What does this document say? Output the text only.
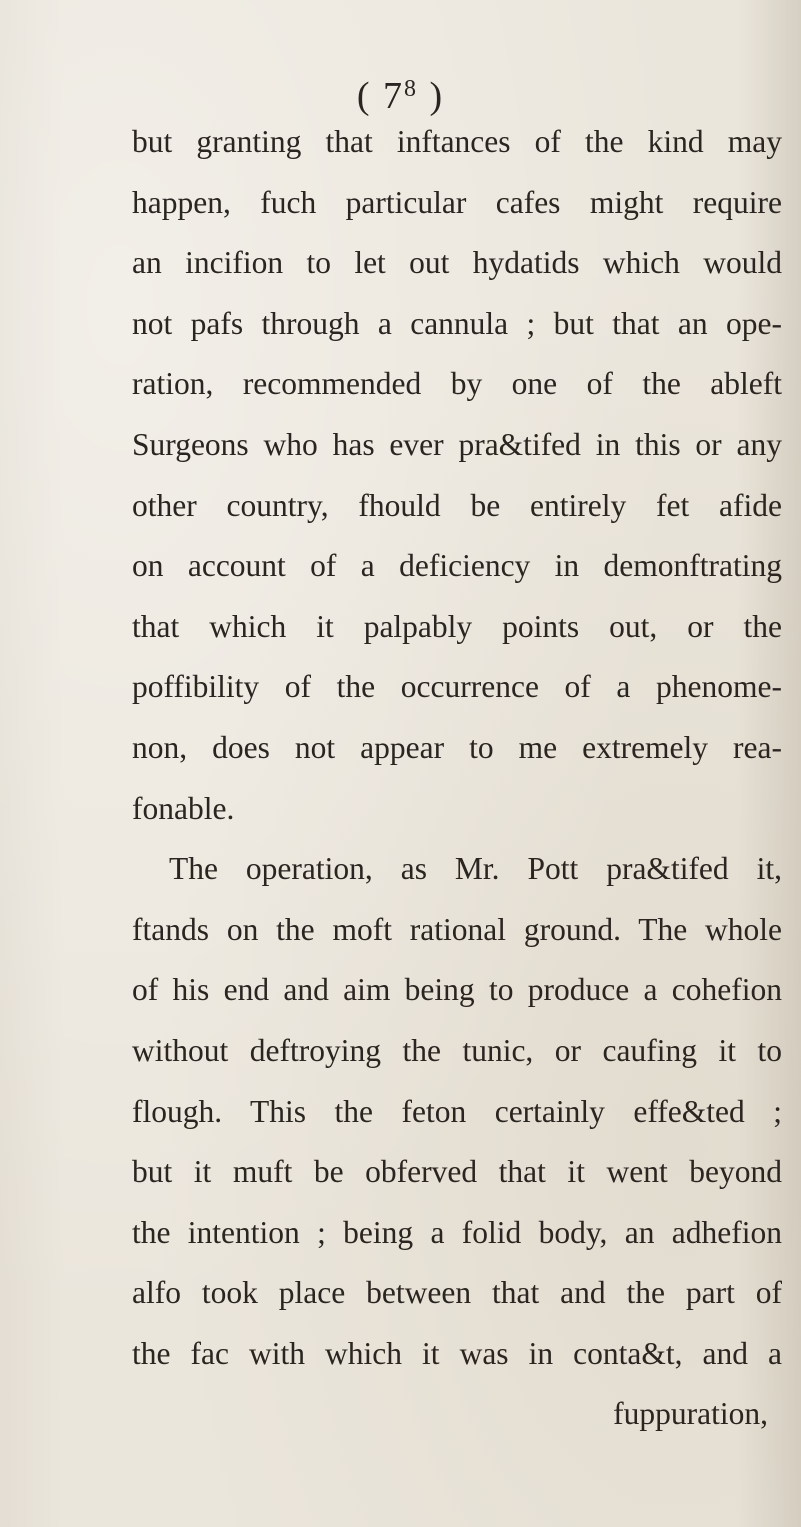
( $7^8$ )
but granting that inftances of the kind may
happen, fuch particular cafes might require
an incifion to let out hydatids which would
not pafs through a cannula ; but that an ope-
ration, recommended by one of the ableft
Surgeons who has ever pra&tifed in this or any
other country, fhould be entirely fet afide
on account of a deficiency in demonftrating
that which it palpably points out, or the
poffibility of the occurrence of a phenome-
non, does not appear to me extremely rea-
fonable.
The operation, as Mr. Pott pra&tifed it,
ftands on the moft rational ground. The whole
of his end and aim being to produce a cohefion
without deftroying the tunic, or caufing it to
flough. This the feton certainly effe&ted ;
but it muft be obferved that it went beyond
the intention ; being a folid body, an adhefion
alfo took place between that and the part of
the fac with which it was in conta&t, and a
fuppuration,
